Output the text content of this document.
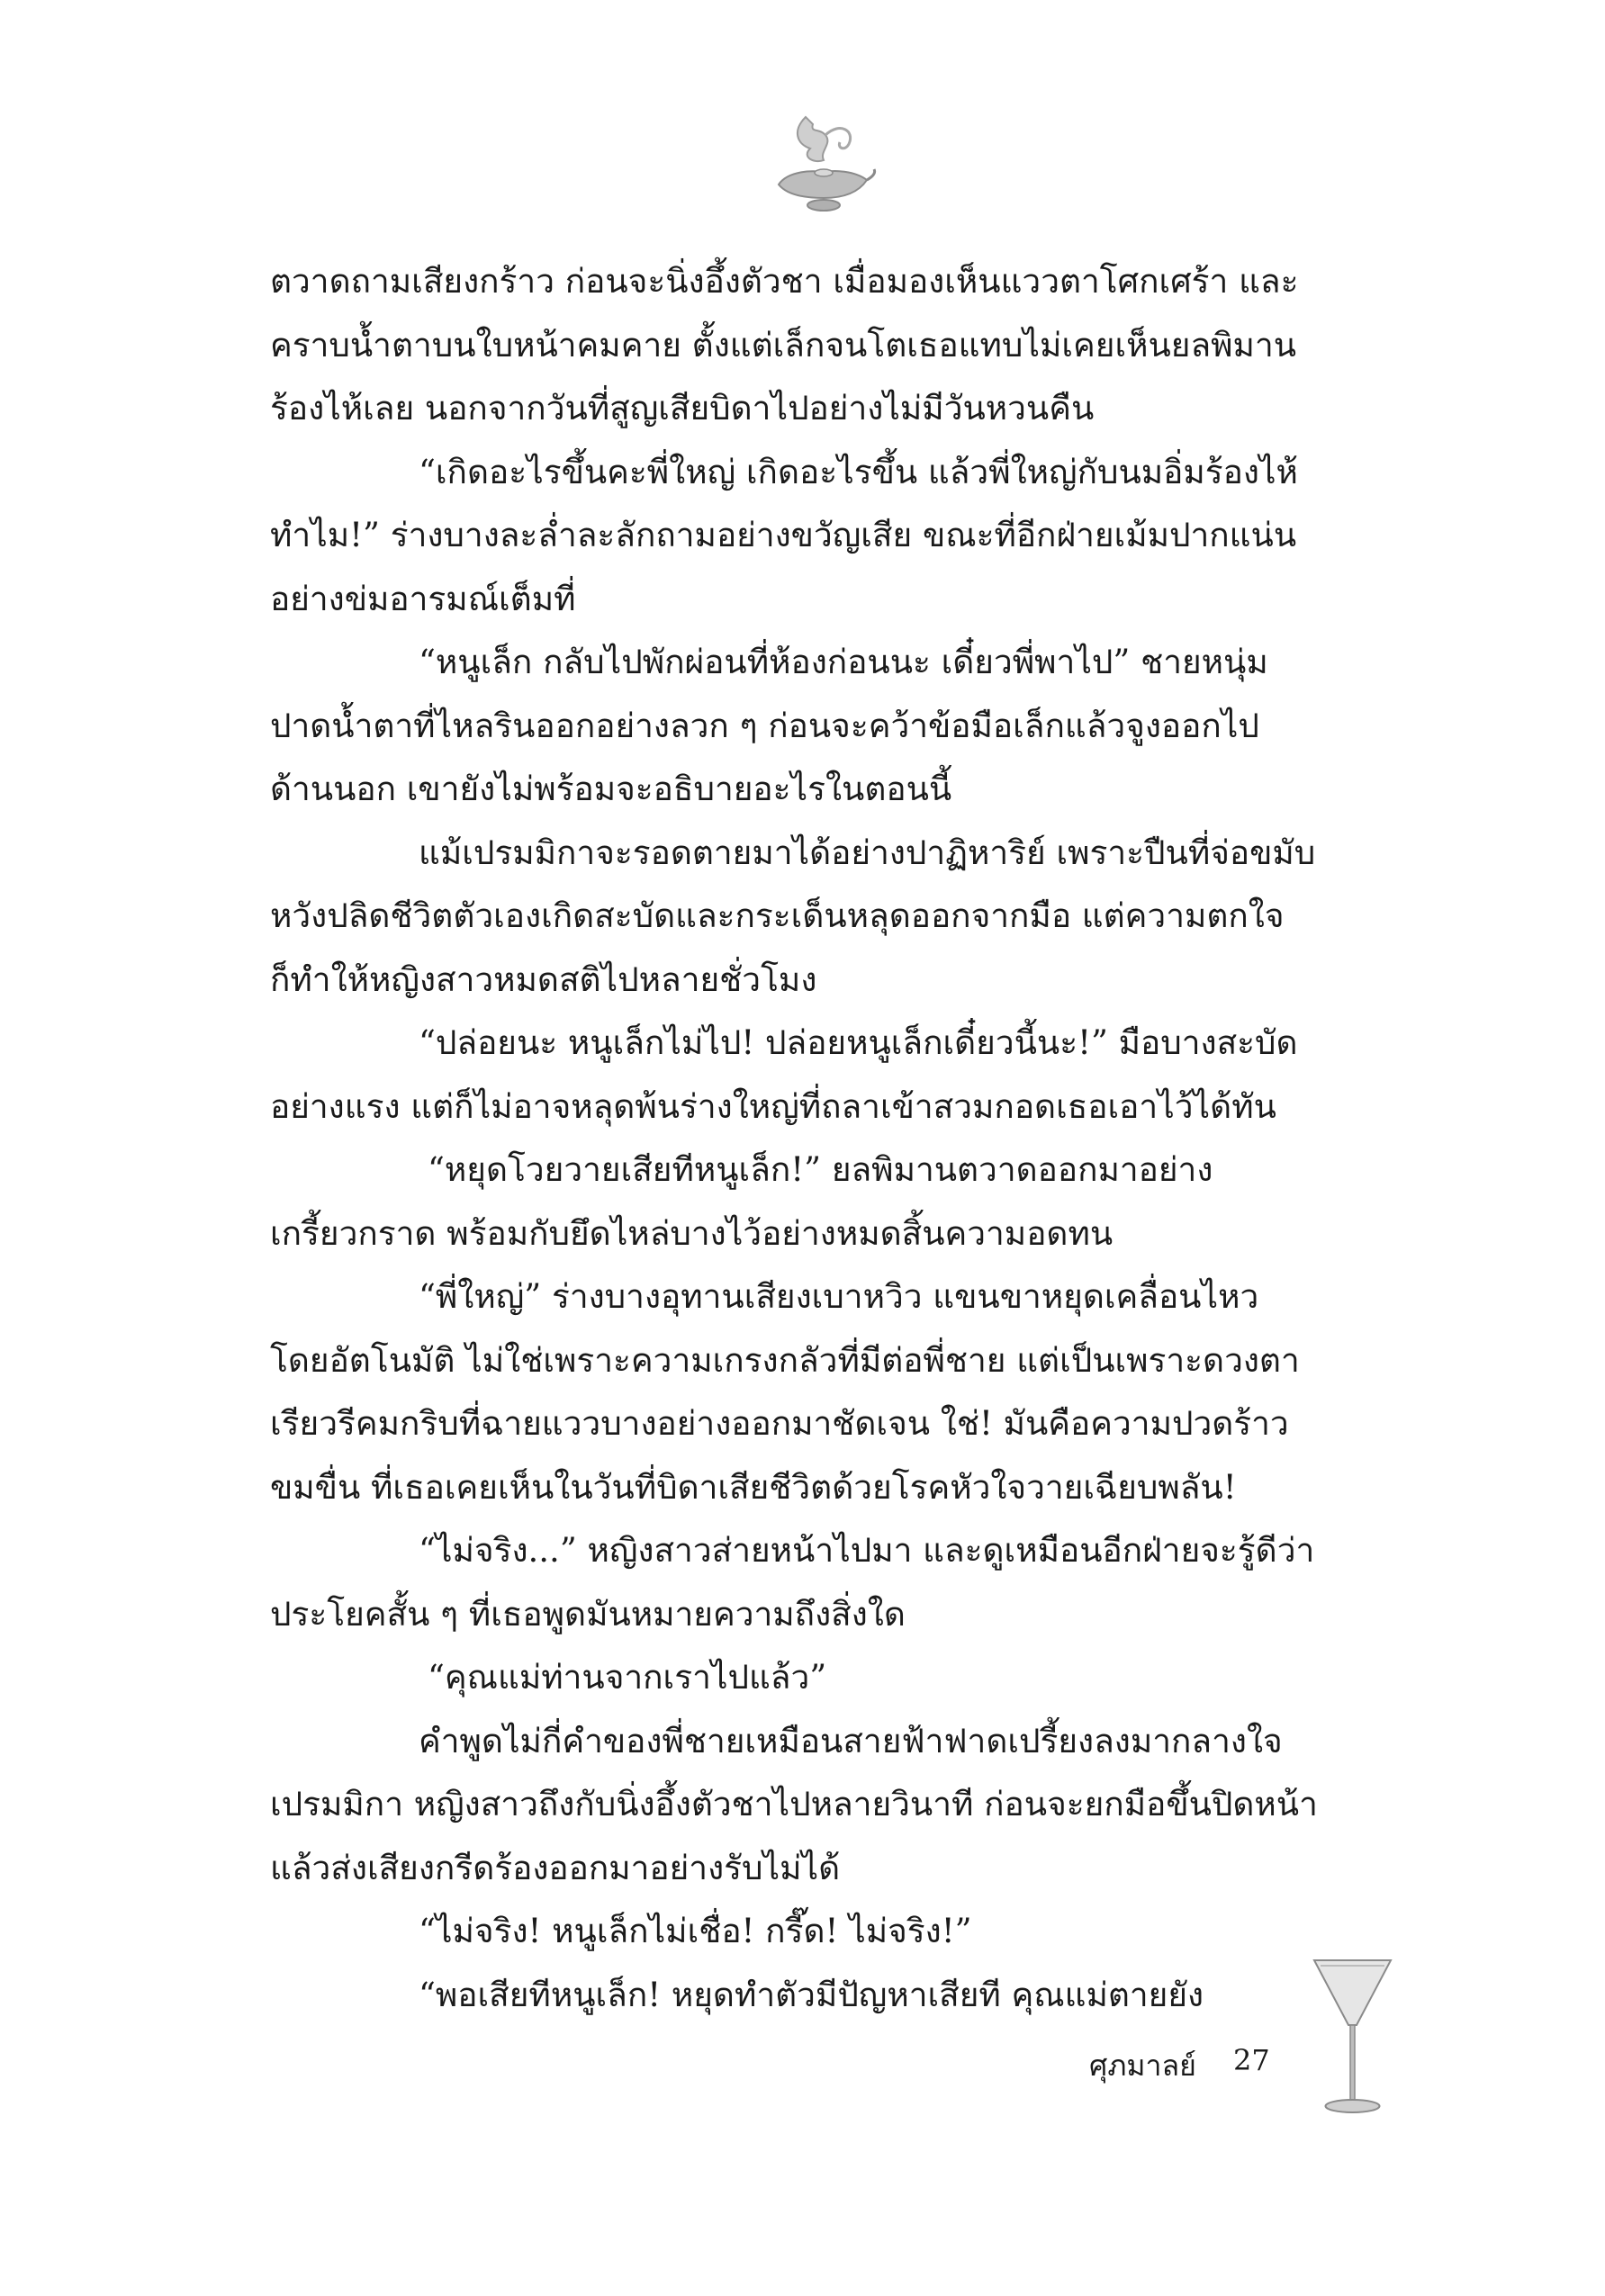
ตวาดถามเสียงกร้าว ก่อนจะนิ่งอึ้งตัวชา เมื่อมองเห็นแววตาโศกเศร้า และ
คราบน้ำตาบนใบหน้าคมคาย ตั้งแต่เล็กจนโตเธอแทบไม่เคยเห็นยลพิมาน
ร้องไห้เลย นอกจากวันที่สูญเสียบิดาไปอย่างไม่มีวันหวนคืน
“เกิดอะไรขึ้นคะพี่ใหญ่ เกิดอะไรขึ้น แล้วพี่ใหญ่กับนมอิ่มร้องไห้
ทำไม!” ร่างบางละล่ำละลักถามอย่างขวัญเสีย ขณะที่อีกฝ่ายเม้มปากแน่น
อย่างข่มอารมณ์เต็มที่
“หนูเล็ก กลับไปพักผ่อนที่ห้องก่อนนะ เดี๋ยวพี่พาไป” ชายหนุ่ม
ปาดน้ำตาที่ไหลรินออกอย่างลวก ๆ ก่อนจะคว้าข้อมือเล็กแล้วจูงออกไป
ด้านนอก เขายังไม่พร้อมจะอธิบายอะไรในตอนนี้
แม้เปรมมิกาจะรอดตายมาได้อย่างปาฏิหาริย์ เพราะปืนที่จ่อขมับ
หวังปลิดชีวิตตัวเองเกิดสะบัดและกระเด็นหลุดออกจากมือ แต่ความตกใจ
ก็ทำให้หญิงสาวหมดสติไปหลายชั่วโมง
“ปล่อยนะ หนูเล็กไม่ไป! ปล่อยหนูเล็กเดี๋ยวนี้นะ!” มือบางสะบัด
อย่างแรง แต่ก็ไม่อาจหลุดพ้นร่างใหญ่ที่ถลาเข้าสวมกอดเธอเอาไว้ได้ทัน
“หยุดโวยวายเสียทีหนูเล็ก!” ยลพิมานตวาดออกมาอย่าง
เกรี้ยวกราด พร้อมกับยึดไหล่บางไว้อย่างหมดสิ้นความอดทน
“พี่ใหญ่” ร่างบางอุทานเสียงเบาหวิว แขนขาหยุดเคลื่อนไหว
โดยอัตโนมัติ ไม่ใช่เพราะความเกรงกลัวที่มีต่อพี่ชาย แต่เป็นเพราะดวงตา
เรียวรีคมกริบที่ฉายแววบางอย่างออกมาชัดเจน ใช่! มันคือความปวดร้าว
ขมขื่น ที่เธอเคยเห็นในวันที่บิดาเสียชีวิตด้วยโรคหัวใจวายเฉียบพลัน!
“ไม่จริง...” หญิงสาวส่ายหน้าไปมา และดูเหมือนอีกฝ่ายจะรู้ดีว่า
ประโยคสั้น ๆ ที่เธอพูดมันหมายความถึงสิ่งใด
“คุณแม่ท่านจากเราไปแล้ว”
คำพูดไม่กี่คำของพี่ชายเหมือนสายฟ้าฟาดเปรี้ยงลงมากลางใจ
เปรมมิกา หญิงสาวถึงกับนิ่งอึ้งตัวชาไปหลายวินาที ก่อนจะยกมือขึ้นปิดหน้า
แล้วส่งเสียงกรีดร้องออกมาอย่างรับไม่ได้
“ไม่จริง! หนูเล็กไม่เชื่อ! กรี๊ด! ไม่จริง!”
“พอเสียทีหนูเล็ก! หยุดทำตัวมีปัญหาเสียที คุณแม่ตายยัง
ศุภมาลย์ 27
